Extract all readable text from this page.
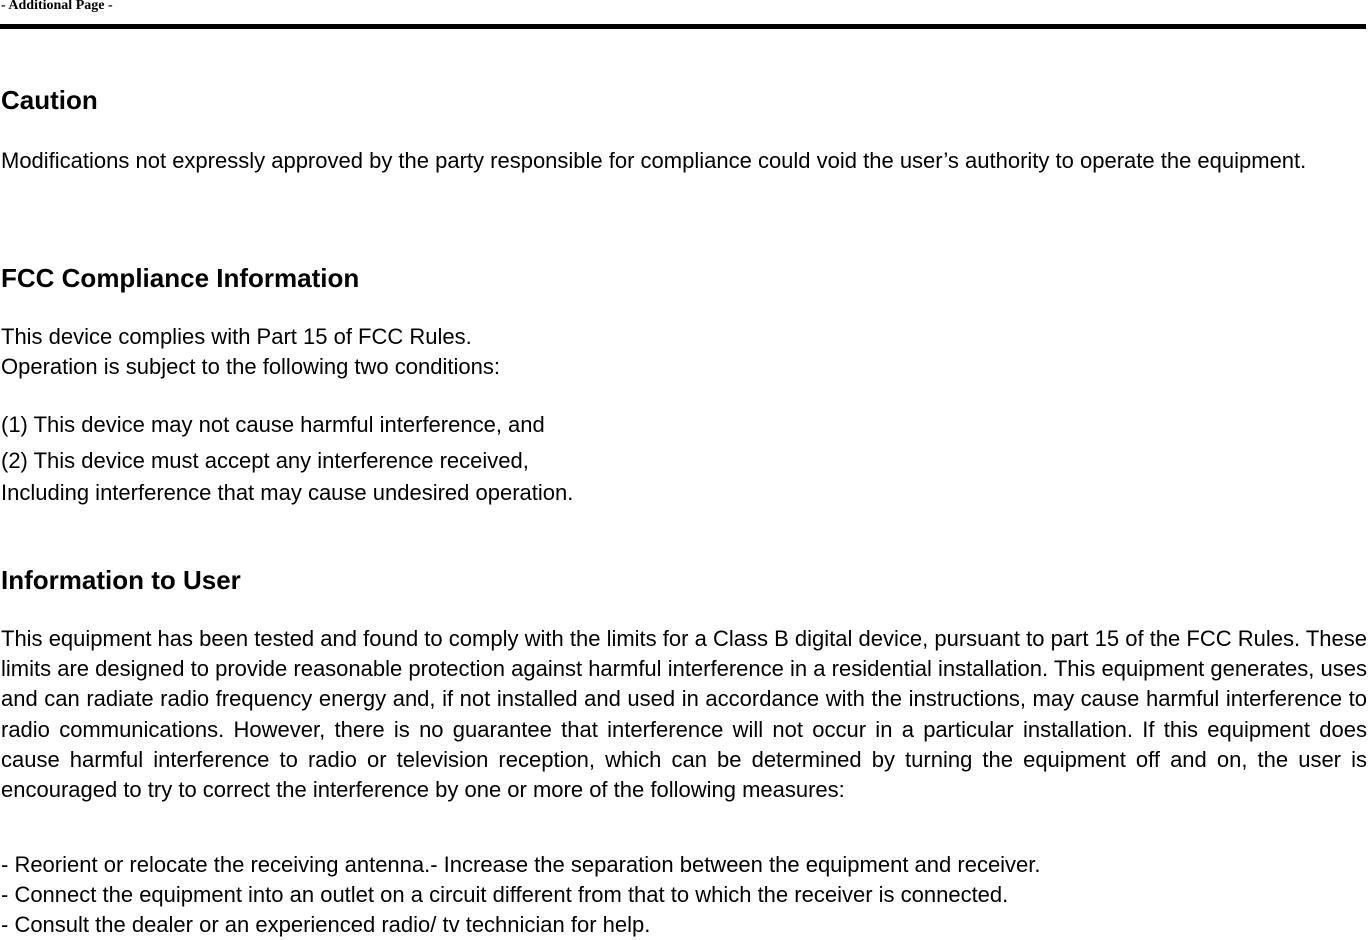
- Additional Page -
Caution

Modifications not expressly approved by the party responsible for compliance could void the user’s authority to operate the equipment.

FCC Compliance Information
This device complies with Part 15 of FCC Rules.
Operation is subject to the following two conditions:
(1) This device may not cause harmful interference, and
(2) This device must accept any interference received,
Including interference that may cause undesired operation.
Information to User

This equipment has been tested and found to comply with the limits for a Class B digital device, pursuant to part 15 of the FCC Rules. These limits are designed to provide reasonable protection against harmful interference in a residential installation. This equipment generates, uses and can radiate radio frequency energy and, if not installed and used in accordance with the instructions, may cause harmful interference to radio communications. However, there is no guarantee that interference will not occur in a particular installation. If this equipment does cause harmful interference to radio or television reception, which can be determined by turning the equipment off and on, the user is encouraged to try to correct the interference by one or more of the following measures:

- Reorient or relocate the receiving antenna.- Increase the separation between the equipment and receiver.
- Connect the equipment into an outlet on a circuit different from that to which the receiver is connected.
- Consult the dealer or an experienced radio/ tv technician for help.
